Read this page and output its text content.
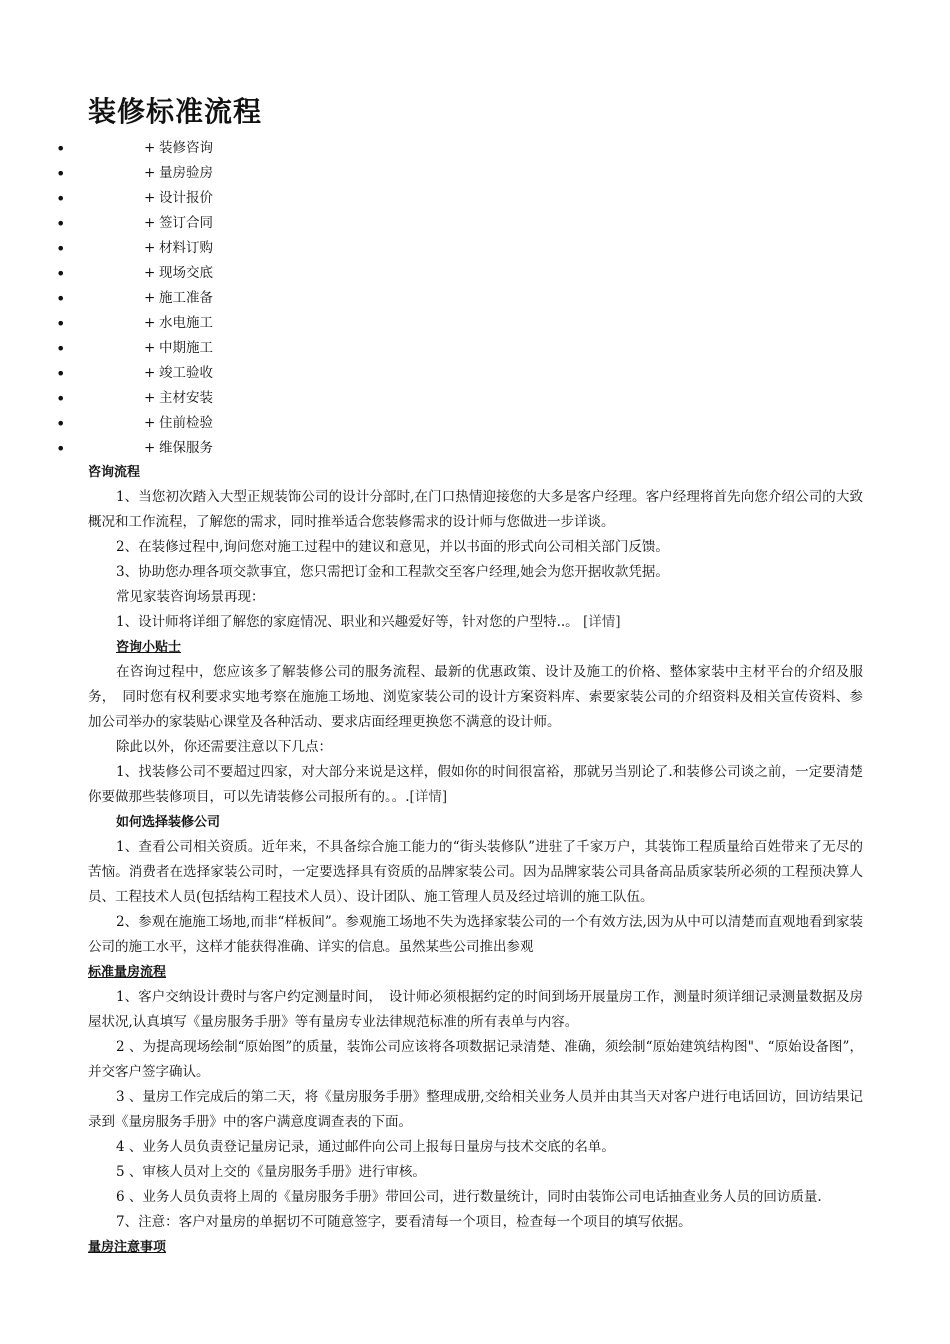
装修标准流程
•	+ 装修咨询
•	+ 量房验房
•	+ 设计报价
•	+ 签订合同
•	+ 材料订购
•	+ 现场交底
•	+ 施工准备
•	+ 水电施工
•	+ 中期施工
•	+ 竣工验收
•	+ 主材安装
•	+ 住前检验
•	+ 维保服务

咨询流程

1、当您初次踏入大型正规装饰公司的设计分部时,在门口热情迎接您的大多是客户经理。客户经理将首先向您介绍公司的大致概况和工作流程，了解您的需求，同时推举适合您装修需求的设计师与您做进一步详谈。

2、在装修过程中,询问您对施工过程中的建议和意见，并以书面的形式向公司相关部门反馈。

3、协助您办理各项交款事宜，您只需把订金和工程款交至客户经理,她会为您开据收款凭据。

常见家装咨询场景再现：

1、设计师将详细了解您的家庭情况、职业和兴趣爱好等，针对您的户型特..。 [详情]

咨询小贴士

在咨询过程中，您应该多了解装修公司的服务流程、最新的优惠政策、设计及施工的价格、整体家装中主材平台的介绍及服务，　同时您有权利要求实地考察在施施工场地、浏览家装公司的设计方案资料库、索要家装公司的介绍资料及相关宣传资料、参加公司举办的家装贴心课堂及各种活动、要求店面经理更换您不满意的设计师。

除此以外，你还需要注意以下几点：

1、找装修公司不要超过四家，对大部分来说是这样，假如你的时间很富裕，那就另当别论了.和装修公司谈之前，一定要清楚你要做那些装修项目，可以先请装修公司报所有的。。.[详情]

如何选择装修公司

1、查看公司相关资质。近年来，不具备综合施工能力的“街头装修队”进驻了千家万户，其装饰工程质量给百姓带来了无尽的苦恼。消费者在选择家装公司时，一定要选择具有资质的品牌家装公司。因为品牌家装公司具备高品质家装所必须的工程预决算人员、工程技术人员(包括结构工程技术人员）、设计团队、施工管理人员及经过培训的施工队伍。

2、参观在施施工场地,而非“样板间”。参观施工场地不失为选择家装公司的一个有效方法,因为从中可以清楚而直观地看到家装公司的施工水平，这样才能获得准确、详实的信息。虽然某些公司推出参观

标准量房流程

1、客户交纳设计费时与客户约定测量时间，　设计师必须根据约定的时间到场开展量房工作，测量时须详细记录测量数据及房屋状况,认真填写《量房服务手册》等有量房专业法律规范标准的所有表单与内容。

2 、为提高现场绘制“原始图”的质量，装饰公司应该将各项数据记录清楚、准确，须绘制“原始建筑结构图"、“原始设备图”，并交客户签字确认。

3 、量房工作完成后的第二天，将《量房服务手册》整理成册,交给相关业务人员并由其当天对客户进行电话回访，回访结果记录到《量房服务手册》中的客户满意度调查表的下面。

4 、业务人员负责登记量房记录，通过邮件向公司上报每日量房与技术交底的名单。

5 、审核人员对上交的《量房服务手册》进行审核。

6 、业务人员负责将上周的《量房服务手册》带回公司，进行数量统计，同时由装饰公司电话抽查业务人员的回访质量.

7、注意：客户对量房的单据切不可随意签字，要看清每一个项目，检查每一个项目的填写依据。

量房注意事项
